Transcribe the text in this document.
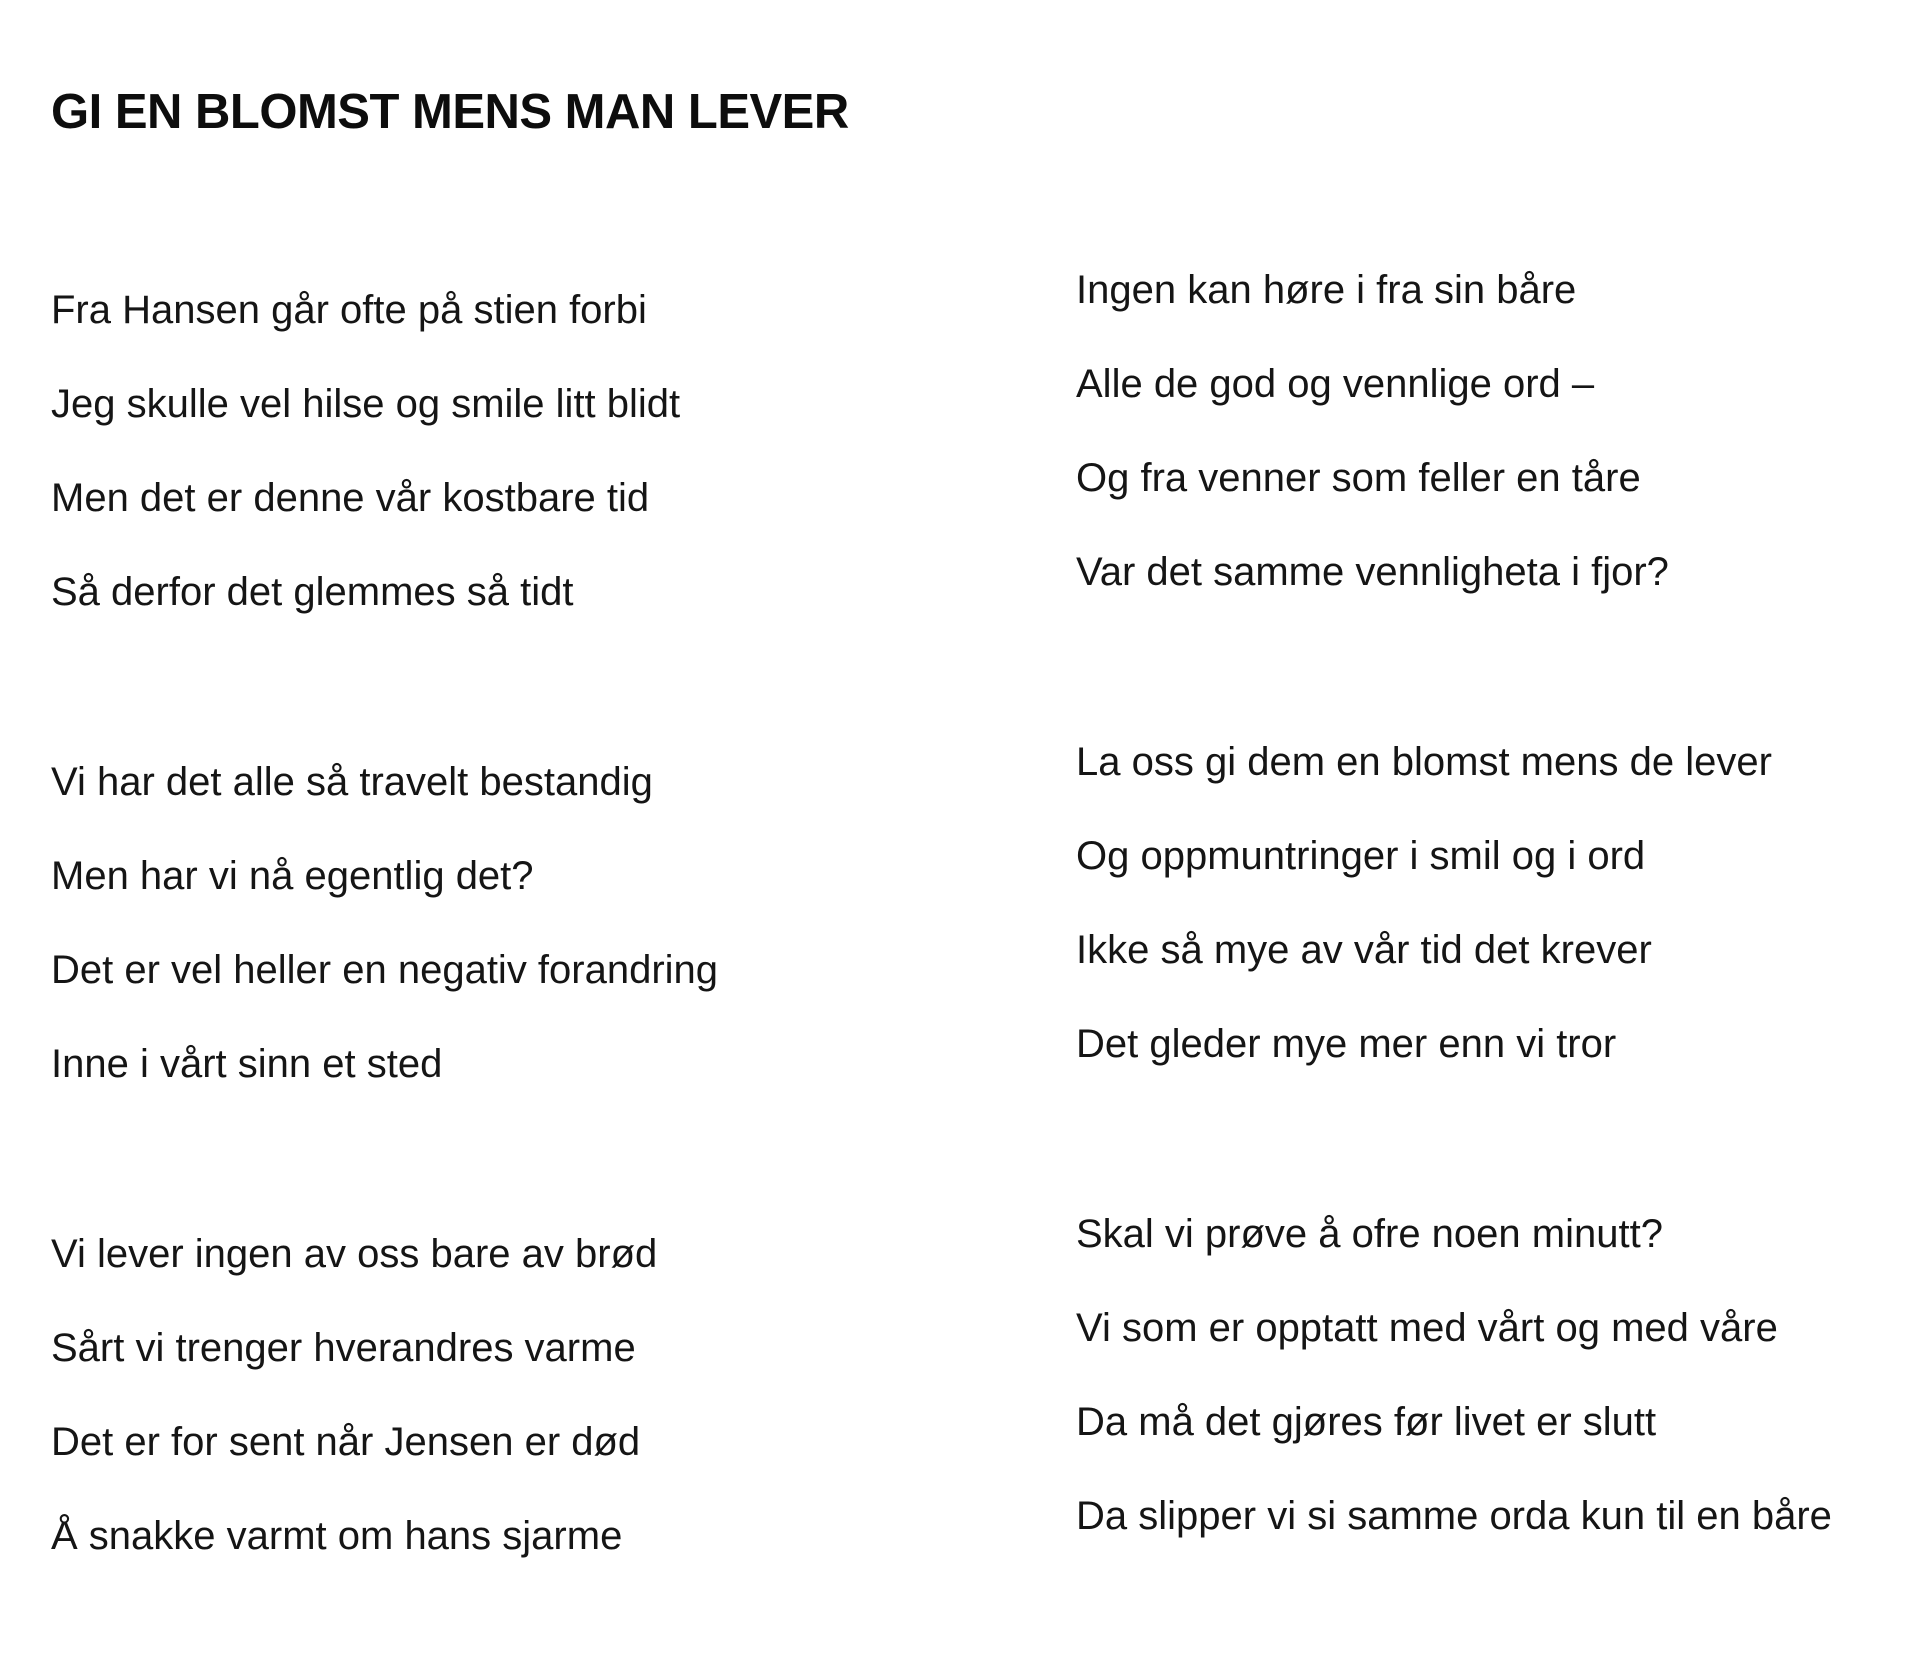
GI EN BLOMST MENS MAN LEVER
Fra Hansen går ofte på stien forbi
Jeg skulle vel hilse og smile litt blidt
Men det er denne vår kostbare tid
Så derfor det glemmes så tidt
Vi har det alle så travelt bestandig
Men har vi nå egentlig det?
Det er vel heller en negativ forandring
Inne i vårt sinn et sted
Vi lever ingen av oss bare av brød
Sårt vi trenger hverandres varme
Det er for sent når Jensen er død
Å snakke varmt om hans sjarme
Ingen kan høre i fra sin båre
Alle de god og vennlige ord –
Og fra venner som feller en tåre
Var det samme vennligheta i fjor?
La oss gi dem en blomst mens de lever
Og oppmuntringer i smil og i ord
Ikke så mye av vår tid det krever
Det gleder mye mer enn vi tror
Skal vi prøve å ofre noen minutt?
Vi som er opptatt med vårt og med våre
Da må det gjøres før livet er slutt
Da slipper vi si samme orda kun til en båre
